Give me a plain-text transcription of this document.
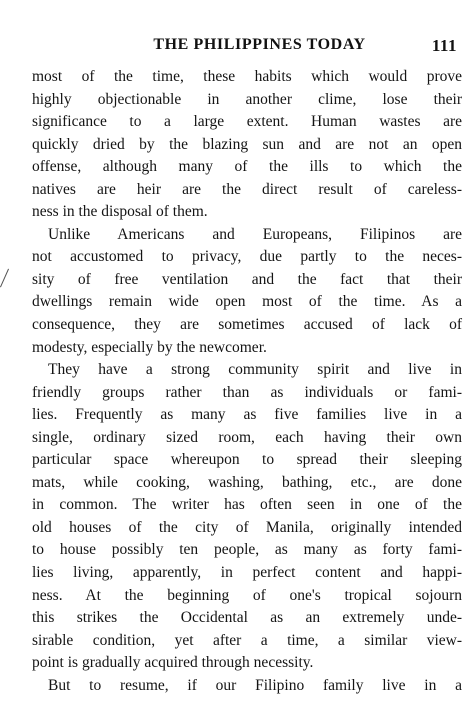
THE PHILIPPINES TODAY	111
most of the time, these habits which would prove
highly objectionable in another clime, lose their
significance to a large extent. Human wastes are
quickly dried by the blazing sun and are not an open
offense, although many of the ills to which the
natives are heir are the direct result of careless-
ness in the disposal of them.
Unlike Americans and Europeans, Filipinos are
not accustomed to privacy, due partly to the neces-
sity of free ventilation and the fact that their
dwellings remain wide open most of the time. As a
consequence, they are sometimes accused of lack of
modesty, especially by the newcomer.
They have a strong community spirit and live in
friendly groups rather than as individuals or fami-
lies. Frequently as many as five families live in a
single, ordinary sized room, each having their own
particular space whereupon to spread their sleeping
mats, while cooking, washing, bathing, etc., are done
in common. The writer has often seen in one of the
old houses of the city of Manila, originally intended
to house possibly ten people, as many as forty fami-
lies living, apparently, in perfect content and happi-
ness. At the beginning of one's tropical sojourn
this strikes the Occidental as an extremely unde-
sirable condition, yet after a time, a similar view-
point is gradually acquired through necessity.
But to resume, if our Filipino family live in a
